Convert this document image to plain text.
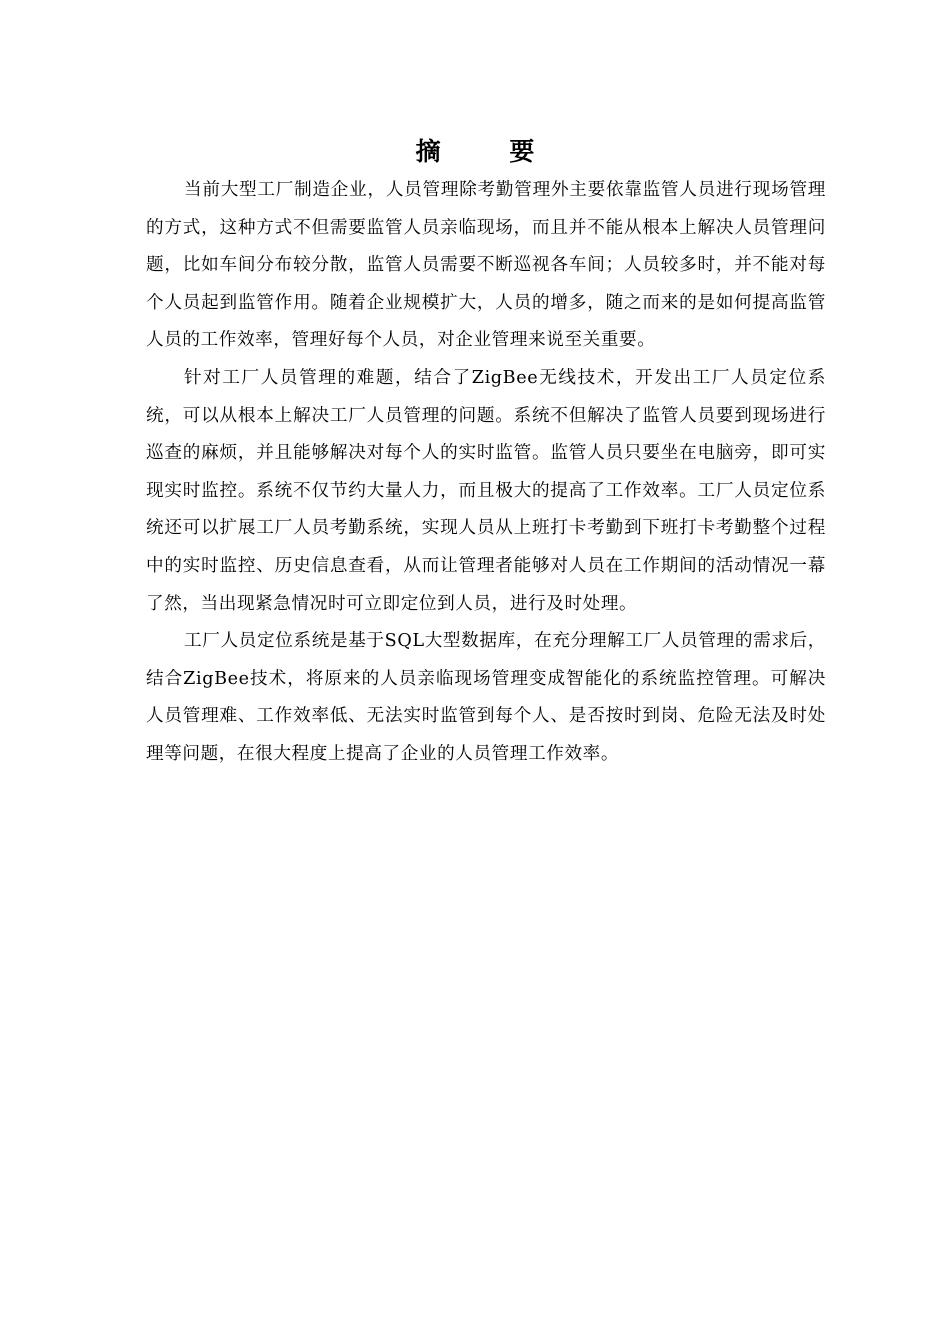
摘 要

当前大型工厂制造企业，人员管理除考勤管理外主要依靠监管人员进行现场管理的方式，这种方式不但需要监管人员亲临现场，而且并不能从根本上解决人员管理问题，比如车间分布较分散，监管人员需要不断巡视各车间；人员较多时，并不能对每个人员起到监管作用。随着企业规模扩大，人员的增多，随之而来的是如何提高监管人员的工作效率，管理好每个人员，对企业管理来说至关重要。

针对工厂人员管理的难题，结合了ZigBee无线技术，开发出工厂人员定位系统，可以从根本上解决工厂人员管理的问题。系统不但解决了监管人员要到现场进行巡查的麻烦，并且能够解决对每个人的实时监管。监管人员只要坐在电脑旁，即可实现实时监控。系统不仅节约大量人力，而且极大的提高了工作效率。工厂人员定位系统还可以扩展工厂人员考勤系统，实现人员从上班打卡考勤到下班打卡考勤整个过程中的实时监控、历史信息查看，从而让管理者能够对人员在工作期间的活动情况一幕了然，当出现紧急情况时可立即定位到人员，进行及时处理。

工厂人员定位系统是基于SQL大型数据库，在充分理解工厂人员管理的需求后，结合ZigBee技术，将原来的人员亲临现场管理变成智能化的系统监控管理。可解决人员管理难、工作效率低、无法实时监管到每个人、是否按时到岗、危险无法及时处理等问题，在很大程度上提高了企业的人员管理工作效率。
